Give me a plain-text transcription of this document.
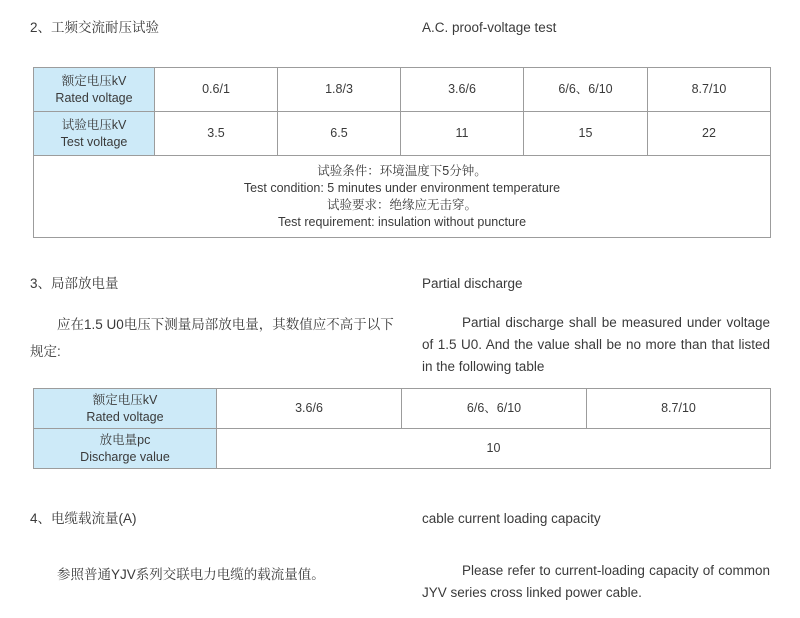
2、工频交流耐压试验	A.C. proof-voltage test
额定电压kV
Rated voltage	0.6/1	1.8/3	3.6/6	6/6、6/10	8.7/10

试验电压kV
Test voltage	3.5	6.5	11	15	22

试验条件：环境温度下5分钟。
Test condition: 5 minutes under environment temperature
试验要求：绝缘应无击穿。
Test requirement: insulation without puncture					
3、局部放电量	Partial discharge
应在1.5 U0电压下测量局部放电量，其数值应不高于以下规定:
Partial discharge shall be measured under voltage of 1.5 U0. And the value shall be no more than that listed in the following table
额定电压kV
Rated voltage	3.6/6	6/6、6/10	8.7/10

放电量pc
Discharge value	10		
4、电缆载流量(A)	cable current loading capacity
参照普通YJV系列交联电力电缆的载流量值。	Please refer to current-loading capacity of common JYV series cross linked power cable.
